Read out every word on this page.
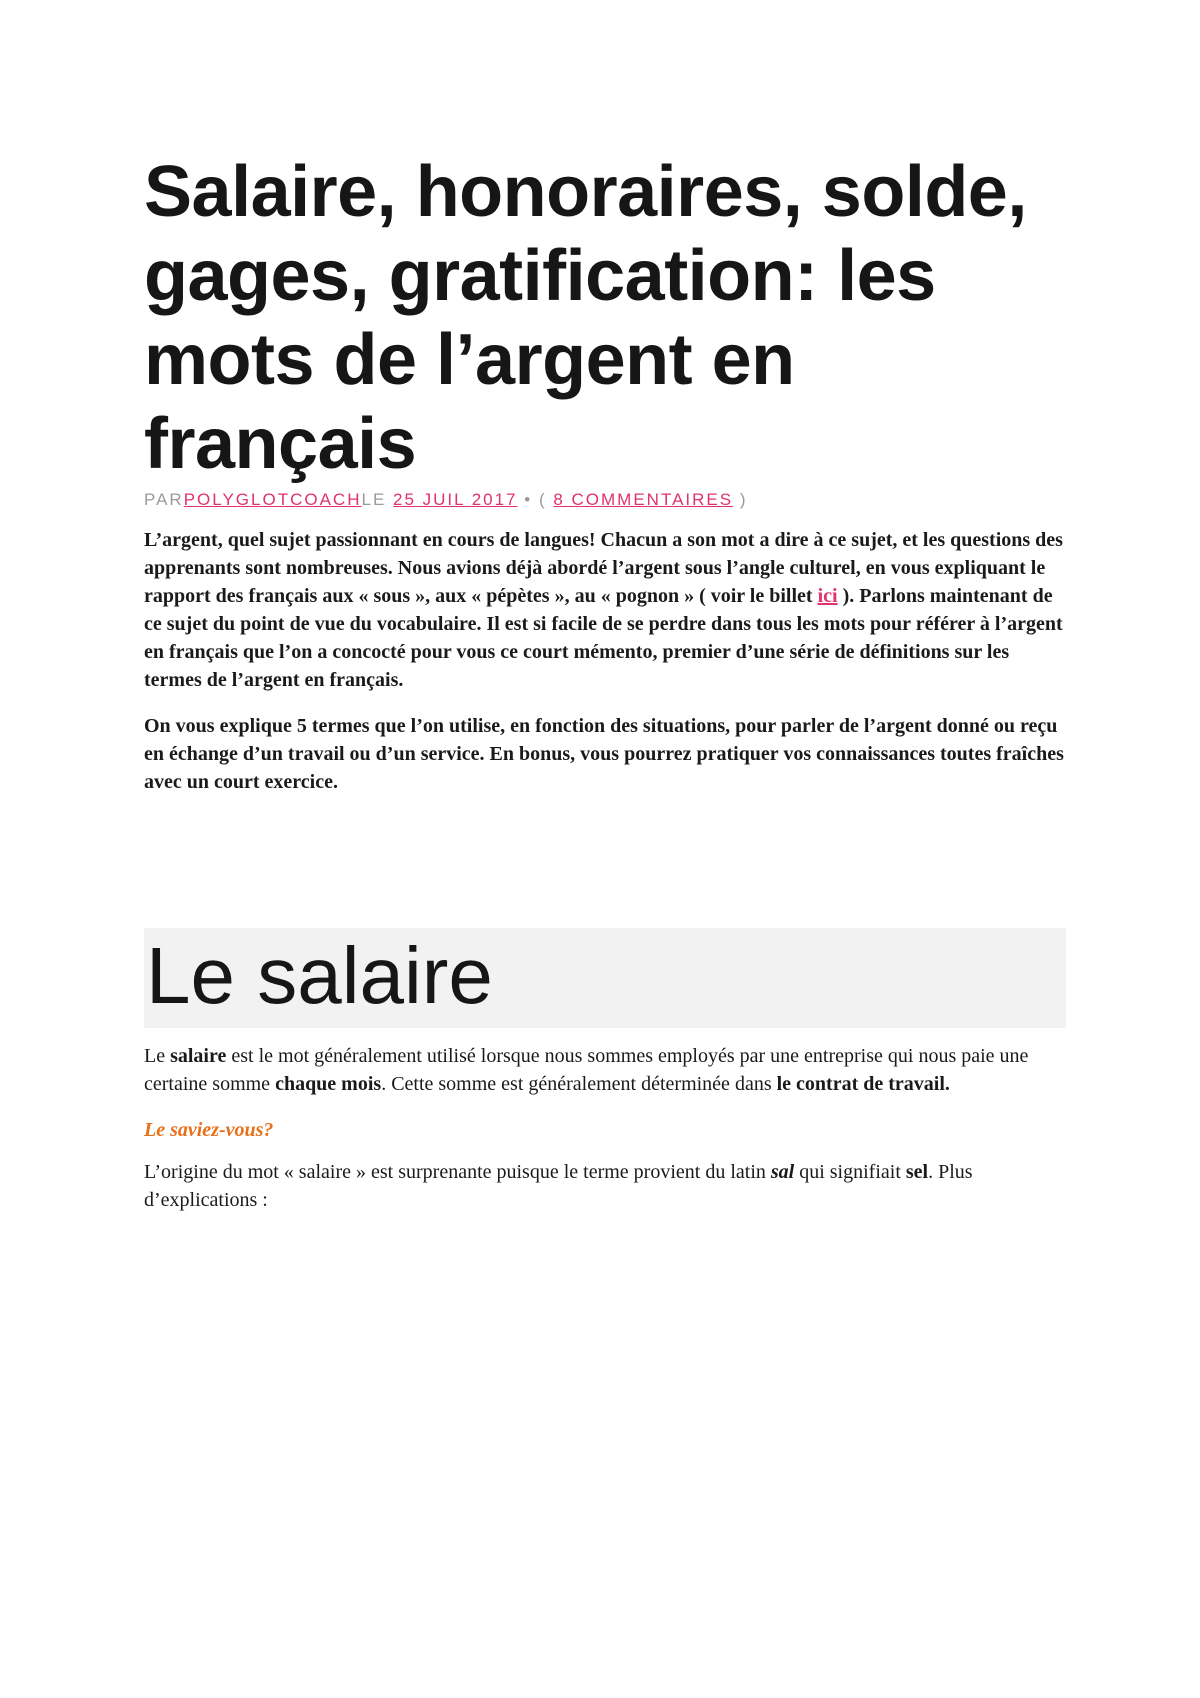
Salaire, honoraires, solde, gages, gratification: les mots de l’argent en français
PARPOLYGLOTCOACHLE 25 JUIL 2017 • ( 8 COMMENTAIRES )

L’argent, quel sujet passionnant en cours de langues! Chacun a son mot a dire à ce sujet, et les questions des apprenants sont nombreuses. Nous avions déjà abordé l’argent sous l’angle culturel, en vous expliquant le rapport des français aux « sous », aux « pépètes », au « pognon » ( voir le billet ici ). Parlons maintenant de ce sujet du point de vue du vocabulaire. Il est si facile de se perdre dans tous les mots pour référer à l’argent en français que l’on a concocté pour vous ce court mémento, premier d’une série de définitions sur les termes de l’argent en français.

On vous explique 5 termes que l’on utilise, en fonction des situations, pour parler de l’argent donné ou reçu en échange d’un travail ou d’un service. En bonus, vous pourrez pratiquer vos connaissances toutes fraîches avec un court exercice.

Le salaire

Le salaire est le mot généralement utilisé lorsque nous sommes employés par une entreprise qui nous paie une certaine somme chaque mois. Cette somme est généralement déterminée dans le contrat de travail.

Le saviez-vous?

L’origine du mot « salaire » est surprenante puisque le terme provient du latin sal qui signifiait sel. Plus d’explications :
